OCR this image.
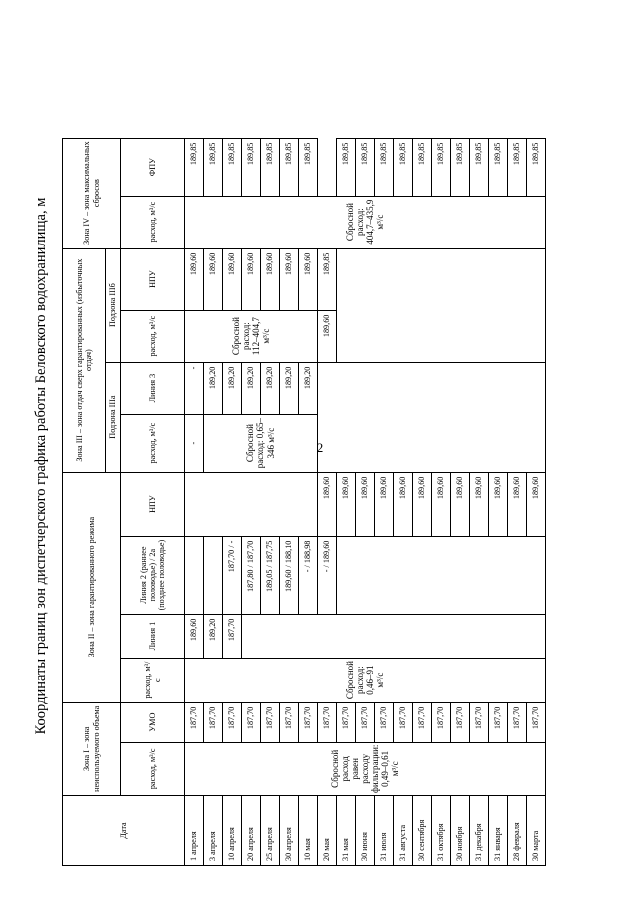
2
Координаты границ зон диспетчерского графика работы Беловского водохранилища, м
Дата	Зона I – зона неиспользуемого объема		Зона II – зона гарантированного режима				Зона III – зона отдач сверх гарантированных (избыточных отдач)				Зона IV – зона максимальных сбросов	
							Подзона IIIа		Подзона IIIб			
	расход, м³/с	УМО	расход, м³/с	Линия 1	Линия 2 (раннее половодье) / 2а (позднее половодье)	НПУ	расход, м³/с	Линия 3	расход, м³/с	НПУ	расход, м³/с	ФПУ
1 апреля	Сбросной расход равен расходу фильтрации: 0,49–0,61 м³/с	187,70	Сбросной расход: 0,46–91 м³/с	189,60			-	-	Сбросной расход: 112–404,7 м³/с	189,60	Сбросной расход: 404,7–435,9 м³/с	189,85
3 апреля		187,70		189,20			Сбросной расход: 0,65–346 м³/с	189,20		189,60		189,85
10 апреля		187,70		187,70	187,70 / -			189,20		189,60		189,85
20 апреля		187,70			187,80 / 187,70			189,20		189,60		189,85
25 апреля		187,70			189,05 / 187,75			189,20		189,60		189,85
30 апреля		187,70			189,60 / 188,10			189,20		189,60		189,85
10 мая		187,70			- / 188,98			189,20		189,60		189,85
20 мая		187,70			- / 189,60	189,60			189,60	189,85		
31 мая		187,70				189,60						189,85
30 июня		187,70				189,60						189,85
31 июля		187,70				189,60						189,85
31 августа		187,70				189,60						189,85
30 сентября		187,70				189,60						189,85
31 октября		187,70				189,60						189,85
30 ноября		187,70				189,60						189,85
31 декабря		187,70				189,60						189,85
31 января		187,70				189,60						189,85
28 февраля		187,70				189,60						189,85
30 марта		187,70				189,60						189,85
